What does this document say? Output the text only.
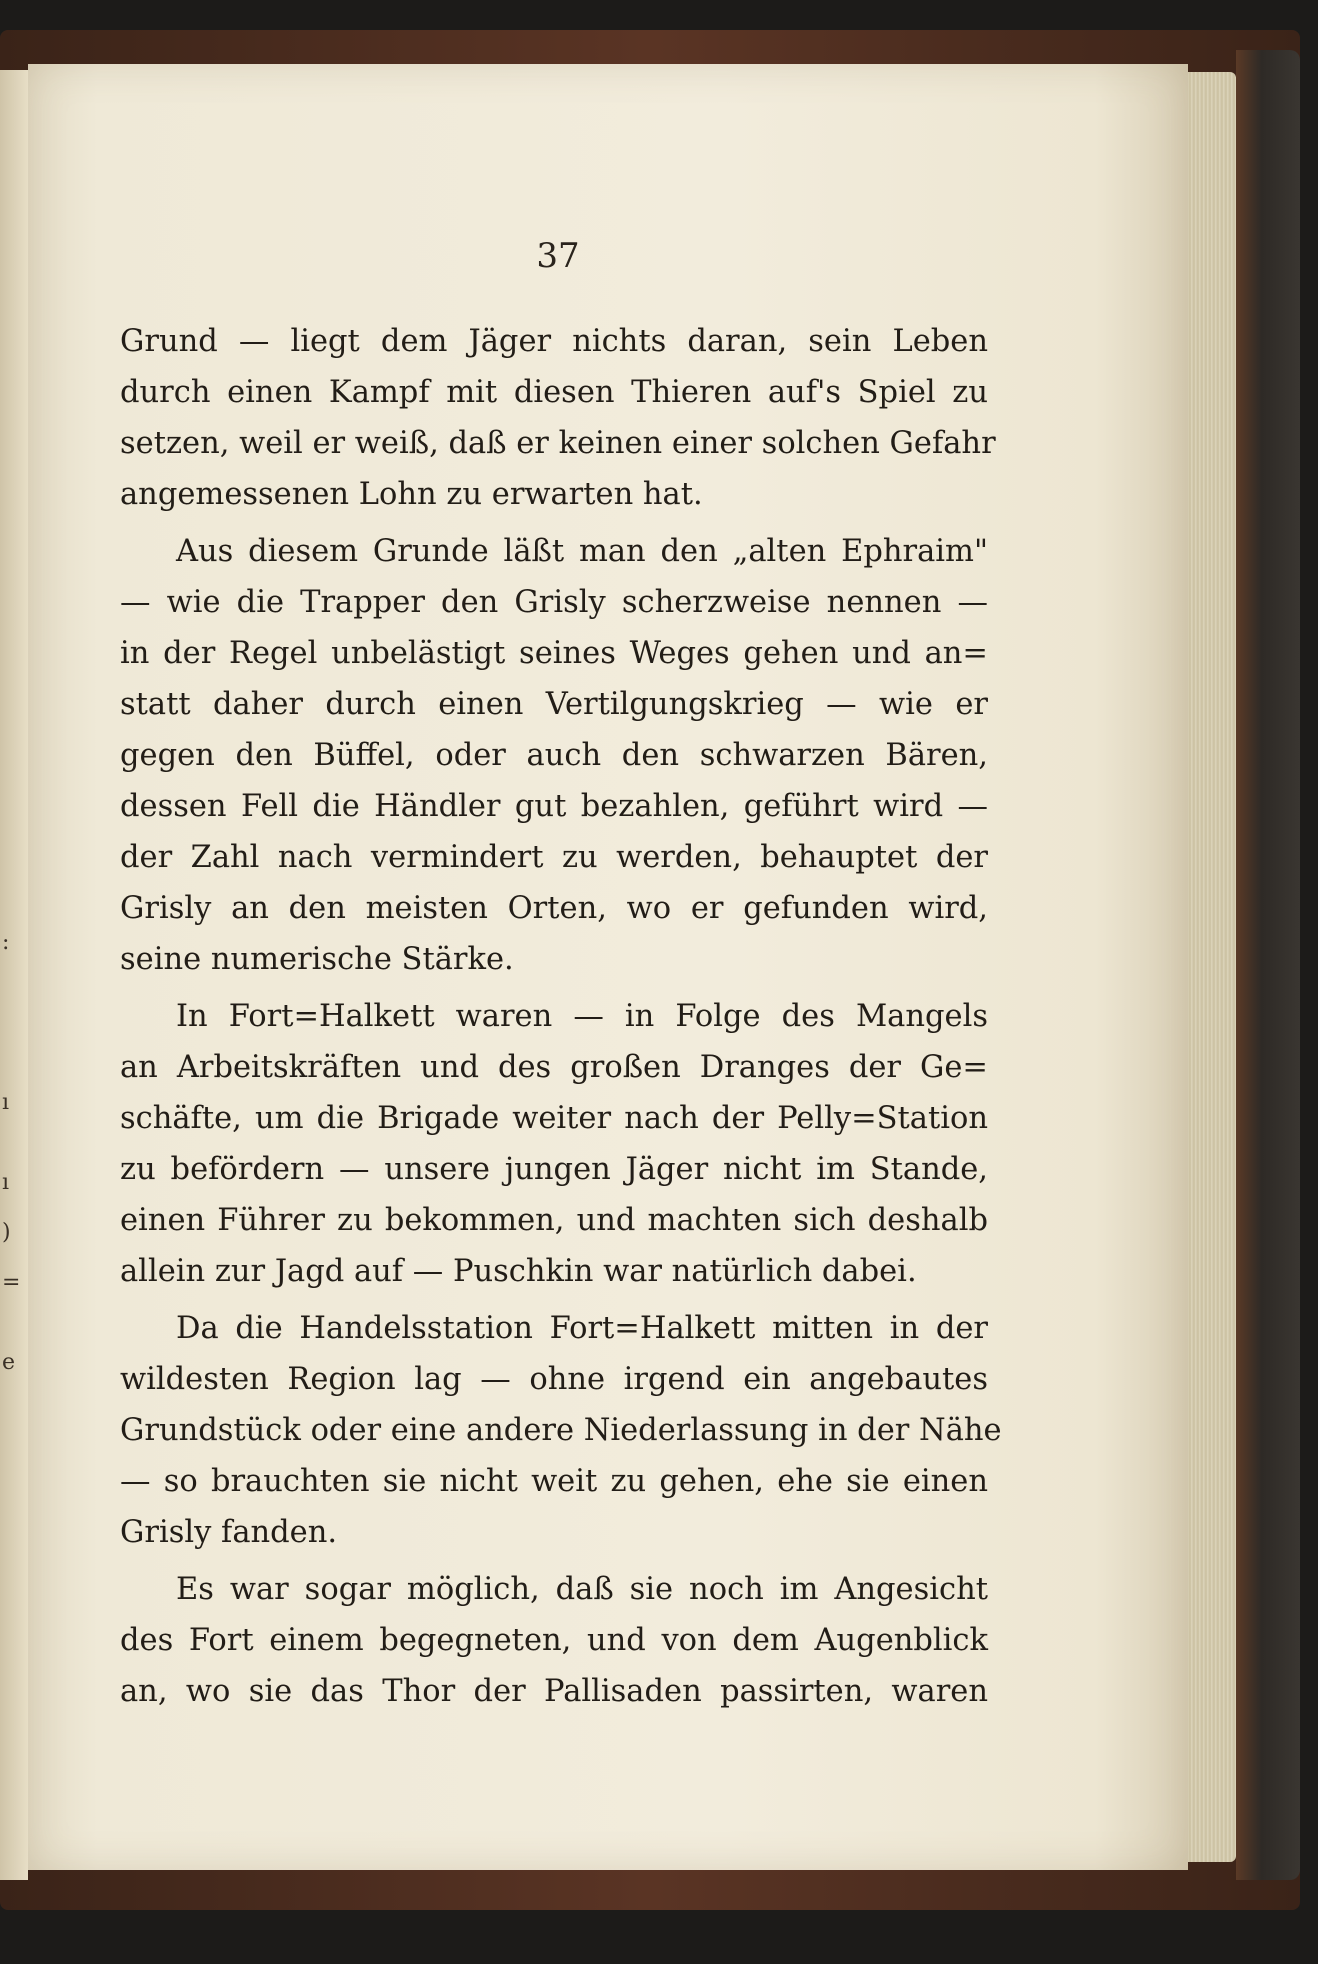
:
ı
ı
)
=
e
37
Grund — liegt dem Jäger nichts daran, sein Leben
durch einen Kampf mit diesen Thieren auf's Spiel zu
setzen, weil er weiß, daß er keinen einer solchen Gefahr
angemessenen Lohn zu erwarten hat.
Aus diesem Grunde läßt man den „alten Ephraim"
— wie die Trapper den Grisly scherzweise nennen —
in der Regel unbelästigt seines Weges gehen und an=
statt daher durch einen Vertilgungskrieg — wie er
gegen den Büffel, oder auch den schwarzen Bären,
dessen Fell die Händler gut bezahlen, geführt wird —
der Zahl nach vermindert zu werden, behauptet der
Grisly an den meisten Orten, wo er gefunden wird,
seine numerische Stärke.
In Fort=Halkett waren — in Folge des Mangels
an Arbeitskräften und des großen Dranges der Ge=
schäfte, um die Brigade weiter nach der Pelly=Station
zu befördern — unsere jungen Jäger nicht im Stande,
einen Führer zu bekommen, und machten sich deshalb
allein zur Jagd auf — Puschkin war natürlich dabei.
Da die Handelsstation Fort=Halkett mitten in der
wildesten Region lag — ohne irgend ein angebautes
Grundstück oder eine andere Niederlassung in der Nähe
— so brauchten sie nicht weit zu gehen, ehe sie einen
Grisly fanden.
Es war sogar möglich, daß sie noch im Angesicht
des Fort einem begegneten, und von dem Augenblick
an, wo sie das Thor der Pallisaden passirten, waren
